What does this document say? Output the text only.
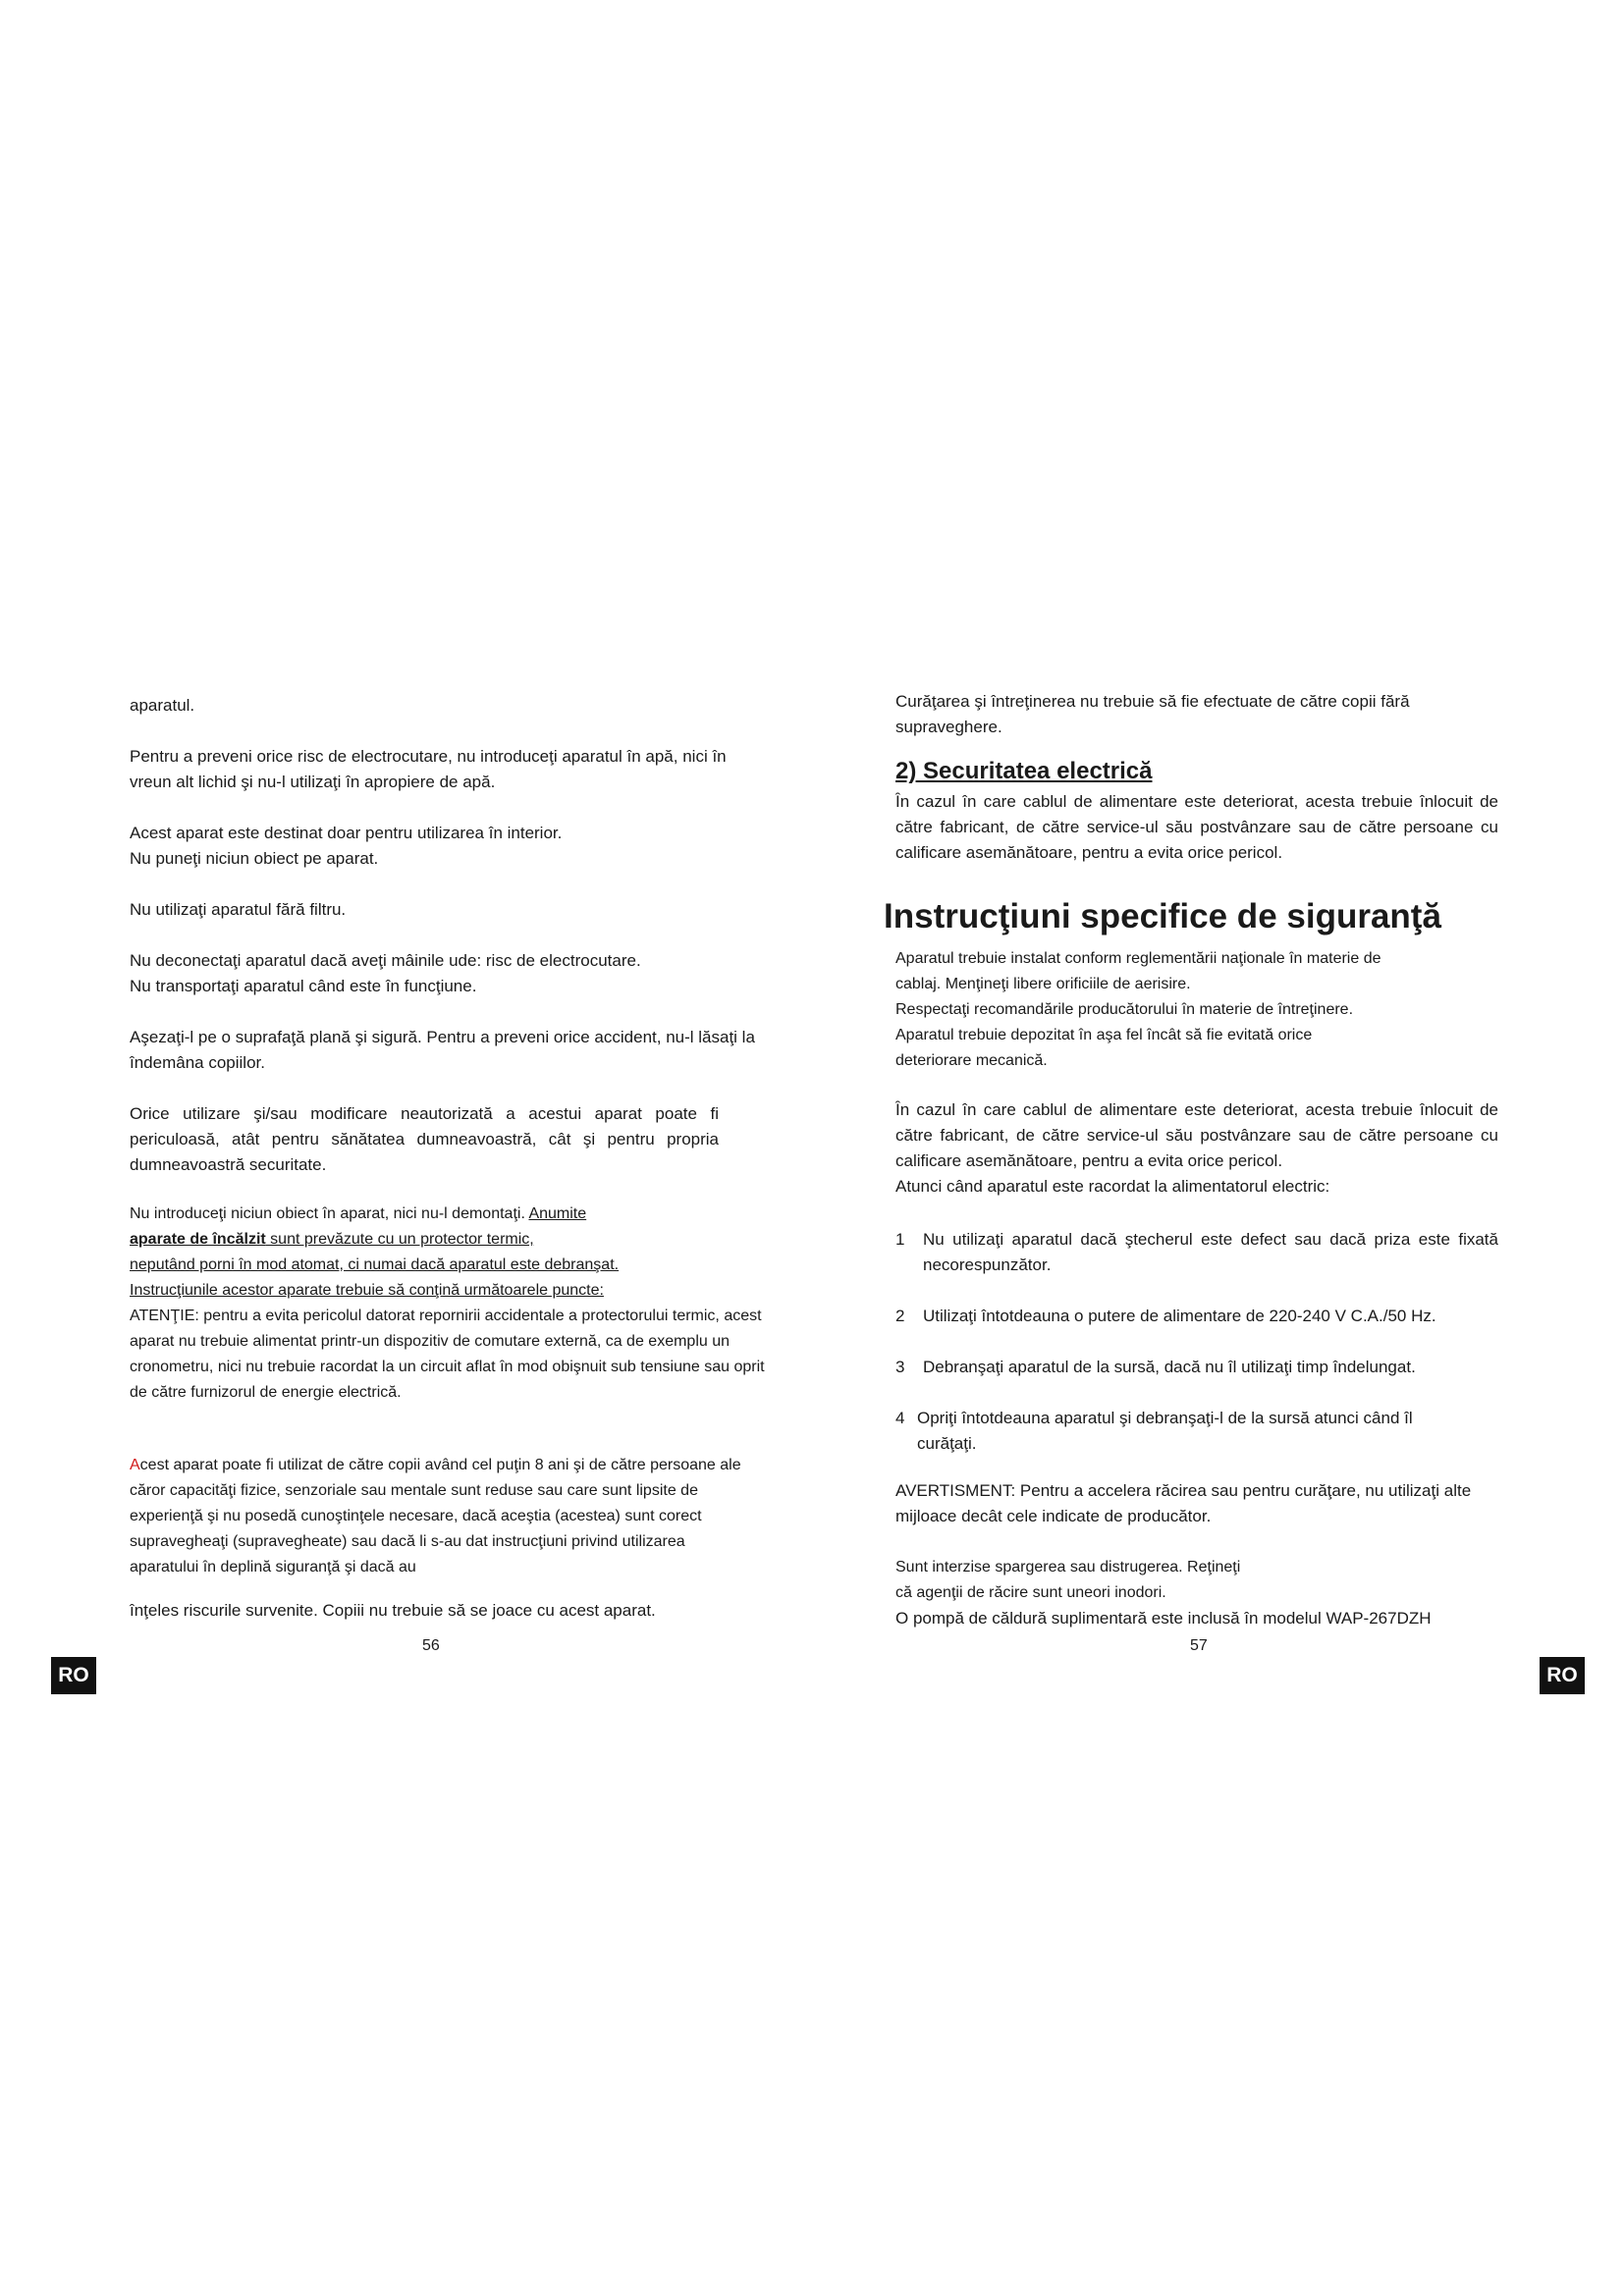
aparatul.

Pentru a preveni orice risc de electrocutare, nu introduceţi aparatul în apă, nici în vreun alt lichid şi nu-l utilizaţi în apropiere de apă.

Acest aparat este destinat doar pentru utilizarea în interior.

Nu puneţi niciun obiect pe aparat.

Nu utilizaţi aparatul fără filtru.

Nu deconectaţi aparatul dacă aveţi mâinile ude: risc de electrocutare.

Nu transportaţi aparatul când este în funcţiune.

Aşezaţi-l pe o suprafaţă plană şi sigură. Pentru a preveni orice accident, nu-l lăsaţi la îndemâna copiilor.

Orice utilizare şi/sau modificare neautorizată a acestui aparat poate fi periculoasă, atât pentru sănătatea dumneavoastră, cât şi pentru propria dumneavoastră securitate.

Nu introduceţi niciun obiect în aparat, nici nu-l demontaţi. Anumite
aparate de încălzit sunt prevăzute cu un protector termic,
neputând porni în mod atomat, ci numai dacă aparatul este debranşat.
Instrucţiunile acestor aparate trebuie să conţină următoarele puncte:
ATENŢIE: pentru a evita pericolul datorat repornirii accidentale a protectorului termic, acest aparat nu trebuie alimentat printr-un dispozitiv de comutare externă, ca de exemplu un cronometru, nici nu trebuie racordat la un circuit aflat în mod obişnuit sub tensiune sau oprit de către furnizorul de energie electrică.
Acest aparat poate fi utilizat de către copii având cel puţin 8 ani şi de către persoane ale căror capacităţi fizice, senzoriale sau mentale sunt reduse sau care sunt lipsite de experienţă şi nu posedă cunoştinţele necesare, dacă aceştia (acestea) sunt corect supravegheaţi (supravegheate) sau dacă li s-au dat instrucţiuni privind utilizarea aparatului în deplină siguranţă şi dacă au

înţeles riscurile survenite. Copiii nu trebuie să se joace cu acest aparat.

56
RO

Curăţarea şi întreţinerea nu trebuie să fie efectuate de către copii fără supraveghere.

2) Securitatea electrică

În cazul în care cablul de alimentare este deteriorat, acesta trebuie înlocuit de către fabricant, de către service-ul său postvânzare sau de către persoane cu calificare asemănătoare, pentru a evita orice pericol.

Instrucţiuni specifice de siguranţă
Aparatul trebuie instalat conform reglementării naţionale în materie de
cablaj. Menţineţi libere orificiile de aerisire.
Respectaţi recomandările producătorului în materie de întreţinere.
Aparatul trebuie depozitat în aşa fel încât să fie evitată orice
deteriorare mecanică.

În cazul în care cablul de alimentare este deteriorat, acesta trebuie înlocuit de către fabricant, de către service-ul său postvânzare sau de către persoane cu calificare asemănătoare, pentru a evita orice pericol.

Atunci când aparatul este racordat la alimentatorul electric:

1 Nu utilizaţi aparatul dacă ştecherul este defect sau dacă priza este fixată necorespunzător.
2 Utilizaţi întotdeauna o putere de alimentare de 220-240 V C.A./50 Hz.
3 Debranşaţi aparatul de la sursă, dacă nu îl utilizaţi timp îndelungat.
4 Opriţi întotdeauna aparatul şi debranşaţi-l de la sursă atunci când îl curăţaţi.

AVERTISMENT: Pentru a accelera răcirea sau pentru curăţare, nu utilizaţi alte mijloace decât cele indicate de producător.

Sunt interzise spargerea sau distrugerea. Reţineţi
că agenţii de răcire sunt uneori inodori.
O pompă de căldură suplimentară este inclusă în modelul WAP-267DZH
57
RO
